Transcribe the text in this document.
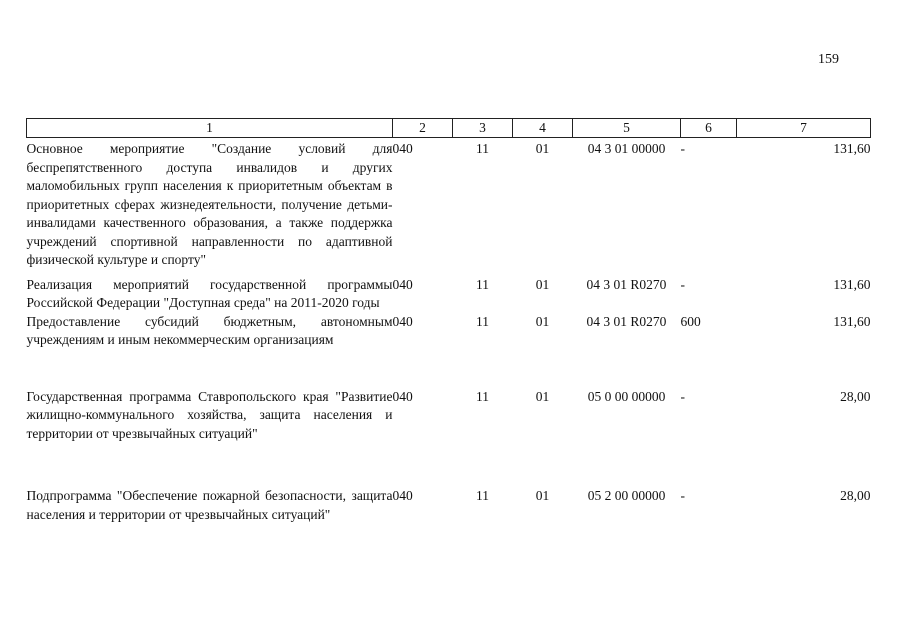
159
1	2	3	4	5	6	7
Основное мероприятие "Создание условий для беспрепятственного доступа инвалидов и других маломобильных групп населения к приоритетным объектам в приоритетных сферах жизнедеятельности, получение детьми-инвалидами качественного образования, а также поддержка учреждений спортивной направленности по адаптивной физической культуре и спорту"	040	11	01	04 3 01 00000	-	131,60
Реализация мероприятий государственной программы Российской Федерации "Доступная среда" на 2011-2020 годы	040	11	01	04 3 01 R0270	-	131,60
Предоставление субсидий бюджетным, автономным учреждениям и иным некоммерческим организациям	040	11	01	04 3 01 R0270	600	131,60
Государственная программа Ставропольского края "Развитие жилищно-коммунального хозяйства, защита населения и территории от чрезвычайных ситуаций"	040	11	01	05 0 00 00000	-	28,00
Подпрограмма "Обеспечение пожарной безопасности, защита населения и территории от чрезвычайных ситуаций"	040	11	01	05 2 00 00000	-	28,00
